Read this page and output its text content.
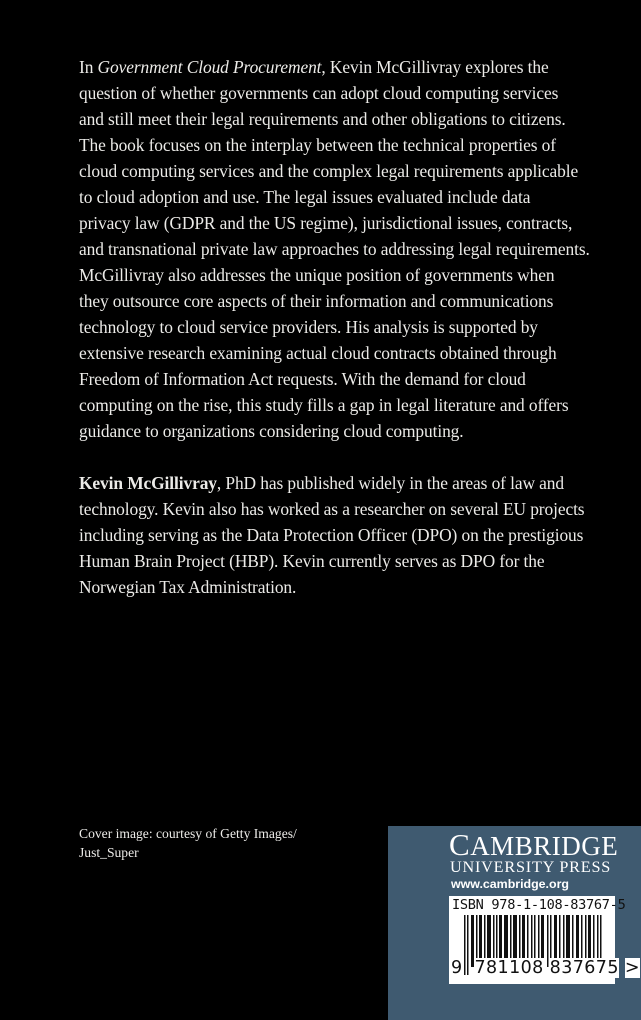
In Government Cloud Procurement, Kevin McGillivray explores the
question of whether governments can adopt cloud computing services
and still meet their legal requirements and other obligations to citizens.
The book focuses on the interplay between the technical properties of
cloud computing services and the complex legal requirements applicable
to cloud adoption and use. The legal issues evaluated include data
privacy law (GDPR and the US regime), jurisdictional issues, contracts,
and transnational private law approaches to addressing legal requirements.
McGillivray also addresses the unique position of governments when
they outsource core aspects of their information and communications
technology to cloud service providers. His analysis is supported by
extensive research examining actual cloud contracts obtained through
Freedom of Information Act requests. With the demand for cloud
computing on the rise, this study fills a gap in legal literature and offers
guidance to organizations considering cloud computing.
Kevin McGillivray, PhD has published widely in the areas of law and
technology. Kevin also has worked as a researcher on several EU projects
including serving as the Data Protection Officer (DPO) on the prestigious
Human Brain Project (HBP). Kevin currently serves as DPO for the
Norwegian Tax Administration.
Cover image: courtesy of Getty Images/
Just_Super	CAMBRIDGE
UNIVERSITY PRESS
www.cambridge.org
ISBN 978-1-108-83767-5
9 781108 837675 >
